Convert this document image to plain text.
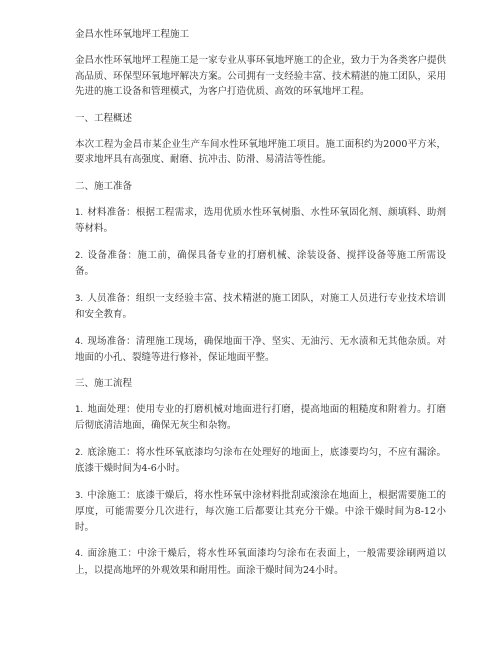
金昌水性环氧地坪工程施工
金昌水性环氧地坪工程施工是一家专业从事环氧地坪施工的企业，致力于为各类客户提供高品质、环保型环氧地坪解决方案。公司拥有一支经验丰富、技术精湛的施工团队，采用先进的施工设备和管理模式，为客户打造优质、高效的环氧地坪工程。
一、工程概述
本次工程为金昌市某企业生产车间水性环氧地坪施工项目。施工面积约为2000平方米，要求地坪具有高强度、耐磨、抗冲击、防滑、易清洁等性能。
二、施工准备
1. 材料准备：根据工程需求，选用优质水性环氧树脂、水性环氧固化剂、颜填料、助剂等材料。
2. 设备准备：施工前，确保具备专业的打磨机械、涂装设备、搅拌设备等施工所需设备。
3. 人员准备：组织一支经验丰富、技术精湛的施工团队，对施工人员进行专业技术培训和安全教育。
4. 现场准备：清理施工现场，确保地面干净、坚实、无油污、无水渍和无其他杂质。对地面的小孔、裂缝等进行修补，保证地面平整。
三、施工流程
1. 地面处理：使用专业的打磨机械对地面进行打磨，提高地面的粗糙度和附着力。打磨后彻底清洁地面，确保无灰尘和杂物。
2. 底涂施工：将水性环氧底漆均匀涂布在处理好的地面上，底漆要均匀，不应有漏涂。底漆干燥时间为4-6小时。
3. 中涂施工：底漆干燥后，将水性环氧中涂材料批刮或滚涂在地面上，根据需要施工的厚度，可能需要分几次进行，每次施工后都要让其充分干燥。中涂干燥时间为8-12小时。
4. 面涂施工：中涂干燥后，将水性环氧面漆均匀涂布在表面上，一般需要涂刷两道以上，以提高地坪的外观效果和耐用性。面涂干燥时间为24小时。
